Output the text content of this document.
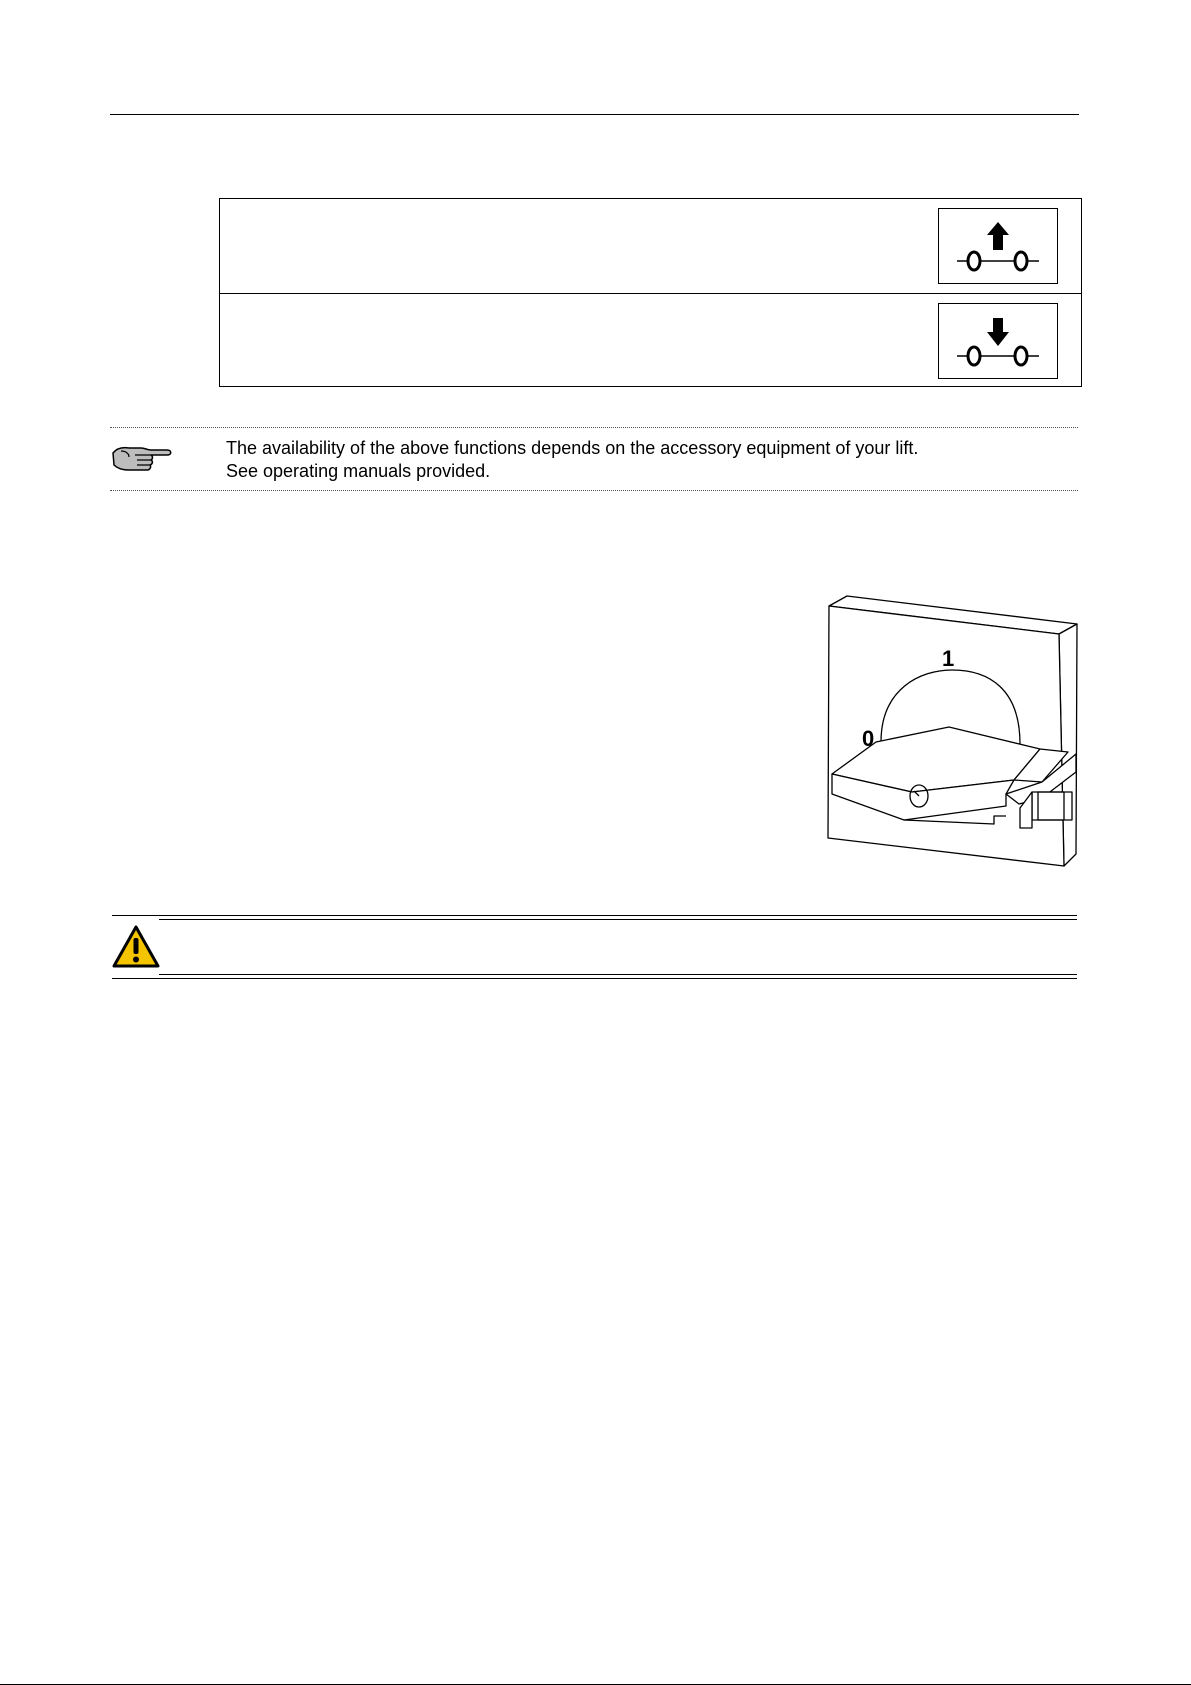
The availability of the above functions depends on the accessory equipment of your lift.
See operating manuals provided.
1
0
